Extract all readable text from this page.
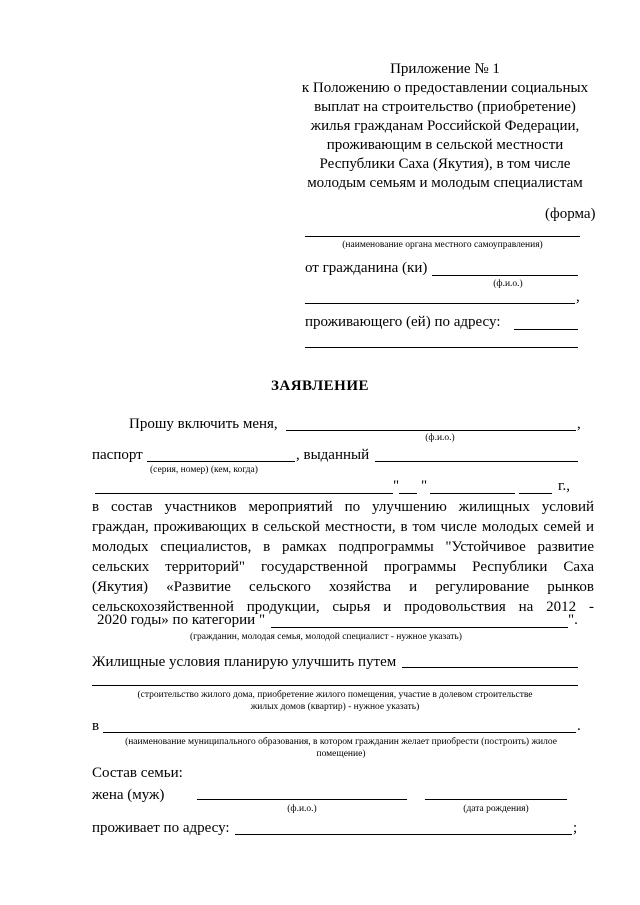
Приложение № 1
к Положению о предоставлении социальных
выплат на строительство (приобретение)
жилья гражданам Российской Федерации,
проживающим в сельской местности
Республики Саха (Якутия), в том числе
молодым семьям и молодым специалистам
(форма)
(наименование органа местного самоуправления)
от гражданина (ки)
(ф.и.о.)
,
проживающего (ей) по адресу:
ЗАЯВЛЕНИЕ
Прошу включить меня,	,
(ф.и.о.)
паспорт	, выданный
(серия, номер) (кем, когда)
" "	г.,
в состав участников мероприятий по улучшению жилищных условий
граждан, проживающих в сельской местности, в том числе молодых семей и
молодых специалистов, в рамках подпрограммы "Устойчивое развитие
сельских территорий" государственной программы Республики Саха
(Якутия) «Развитие сельского хозяйства и регулирование рынков
сельскохозяйственной продукции, сырья и продовольствия на 2012 -
2020 годы» по категории "	".
(гражданин, молодая семья, молодой специалист - нужное указать)
Жилищные условия планирую улучшить путем
(строительство жилого дома, приобретение жилого помещения, участие в долевом строительстве
жилых домов (квартир) - нужное указать)
в	.
(наименование муниципального образования, в котором гражданин желает приобрести (построить) жилое
помещение)
Состав семьи:
жена (муж)
(ф.и.о.)	(дата рождения)
проживает по адресу:	;
